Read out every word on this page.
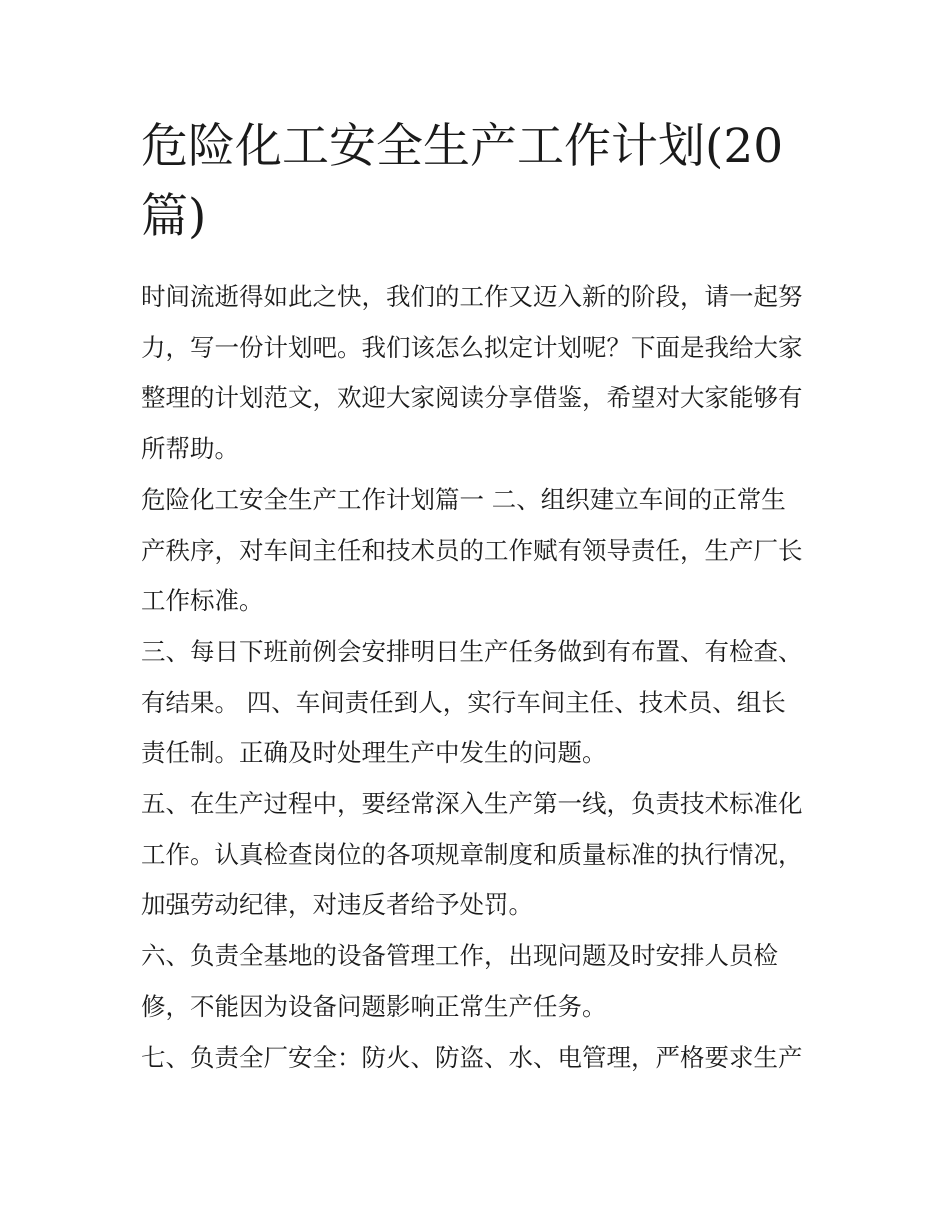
危险化工安全生产工作计划(20
篇)

时间流逝得如此之快，我们的工作又迈入新的阶段，请一起努
力，写一份计划吧。我们该怎么拟定计划呢？下面是我给大家
整理的计划范文，欢迎大家阅读分享借鉴，希望对大家能够有
所帮助。

危险化工安全生产工作计划篇一 二、组织建立车间的正常生
产秩序，对车间主任和技术员的工作赋有领导责任，生产厂长
工作标准。

三、每日下班前例会安排明日生产任务做到有布置、有检查、
有结果。 四、车间责任到人，实行车间主任、技术员、组长
责任制。正确及时处理生产中发生的问题。

五、在生产过程中，要经常深入生产第一线，负责技术标准化
工作。认真检查岗位的各项规章制度和质量标准的执行情况，
加强劳动纪律，对违反者给予处罚。

六、负责全基地的设备管理工作，出现问题及时安排人员检
修，不能因为设备问题影响正常生产任务。

七、负责全厂安全：防火、防盗、水、电管理，严格要求生产
